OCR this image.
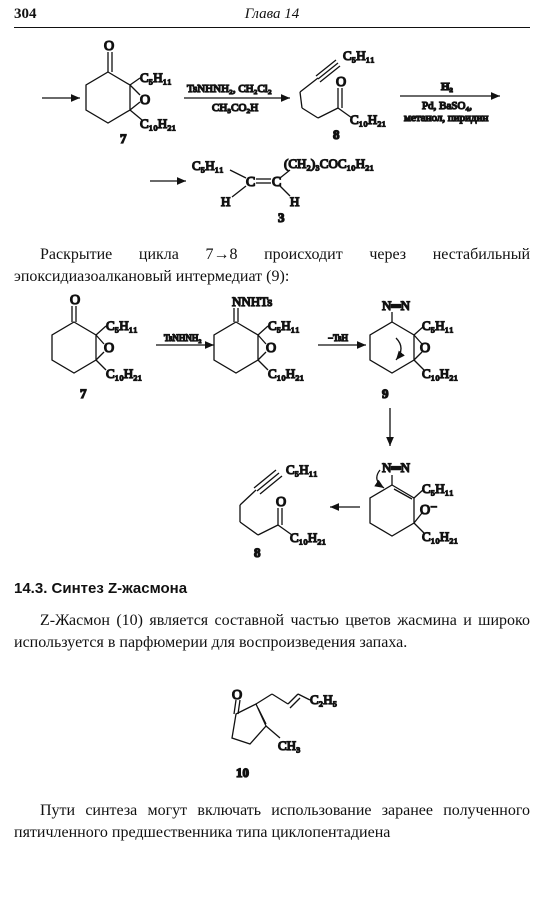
304	Глава 14
O
O
C₅H₁₁
C₁₀H₂₁
7
TsNHNH₂, CH₂Cl₂
CH₃CO₂H
C₅H₁₁
O
C₁₀H₂₁
8
H₂
Pd, BaSO₄,
метанол, пиридин
C₅H₁₁
C C
H	H
(CH₂)₃COC₁₀H₂₁
3
O
O
C₅H₁₁
C₁₀H₂₁
7
TsNHNH₂
NNHTs
O
C₅H₁₁
C₁₀H₂₁
−TsH
N═N
O
C₅H₁₁
C₁₀H₂₁
9
N═N
O⁻
C₅H₁₁
C₁₀H₂₁
C₅H₁₁
O
C₁₀H₂₁
8
O	C₂H₅
CH₃
10
Раскрытие цикла 7→8 происходит через нестабильный эпоксидиазоалкановый интермедиат (9):
14.3. Синтез Z-жасмона
Z-Жасмон (10) является составной частью цветов жасмина и широко используется в парфюмерии для воспроизведения запаха.
Пути синтеза могут включать использование заранее полученного пятичленного предшественника типа циклопентадиена
